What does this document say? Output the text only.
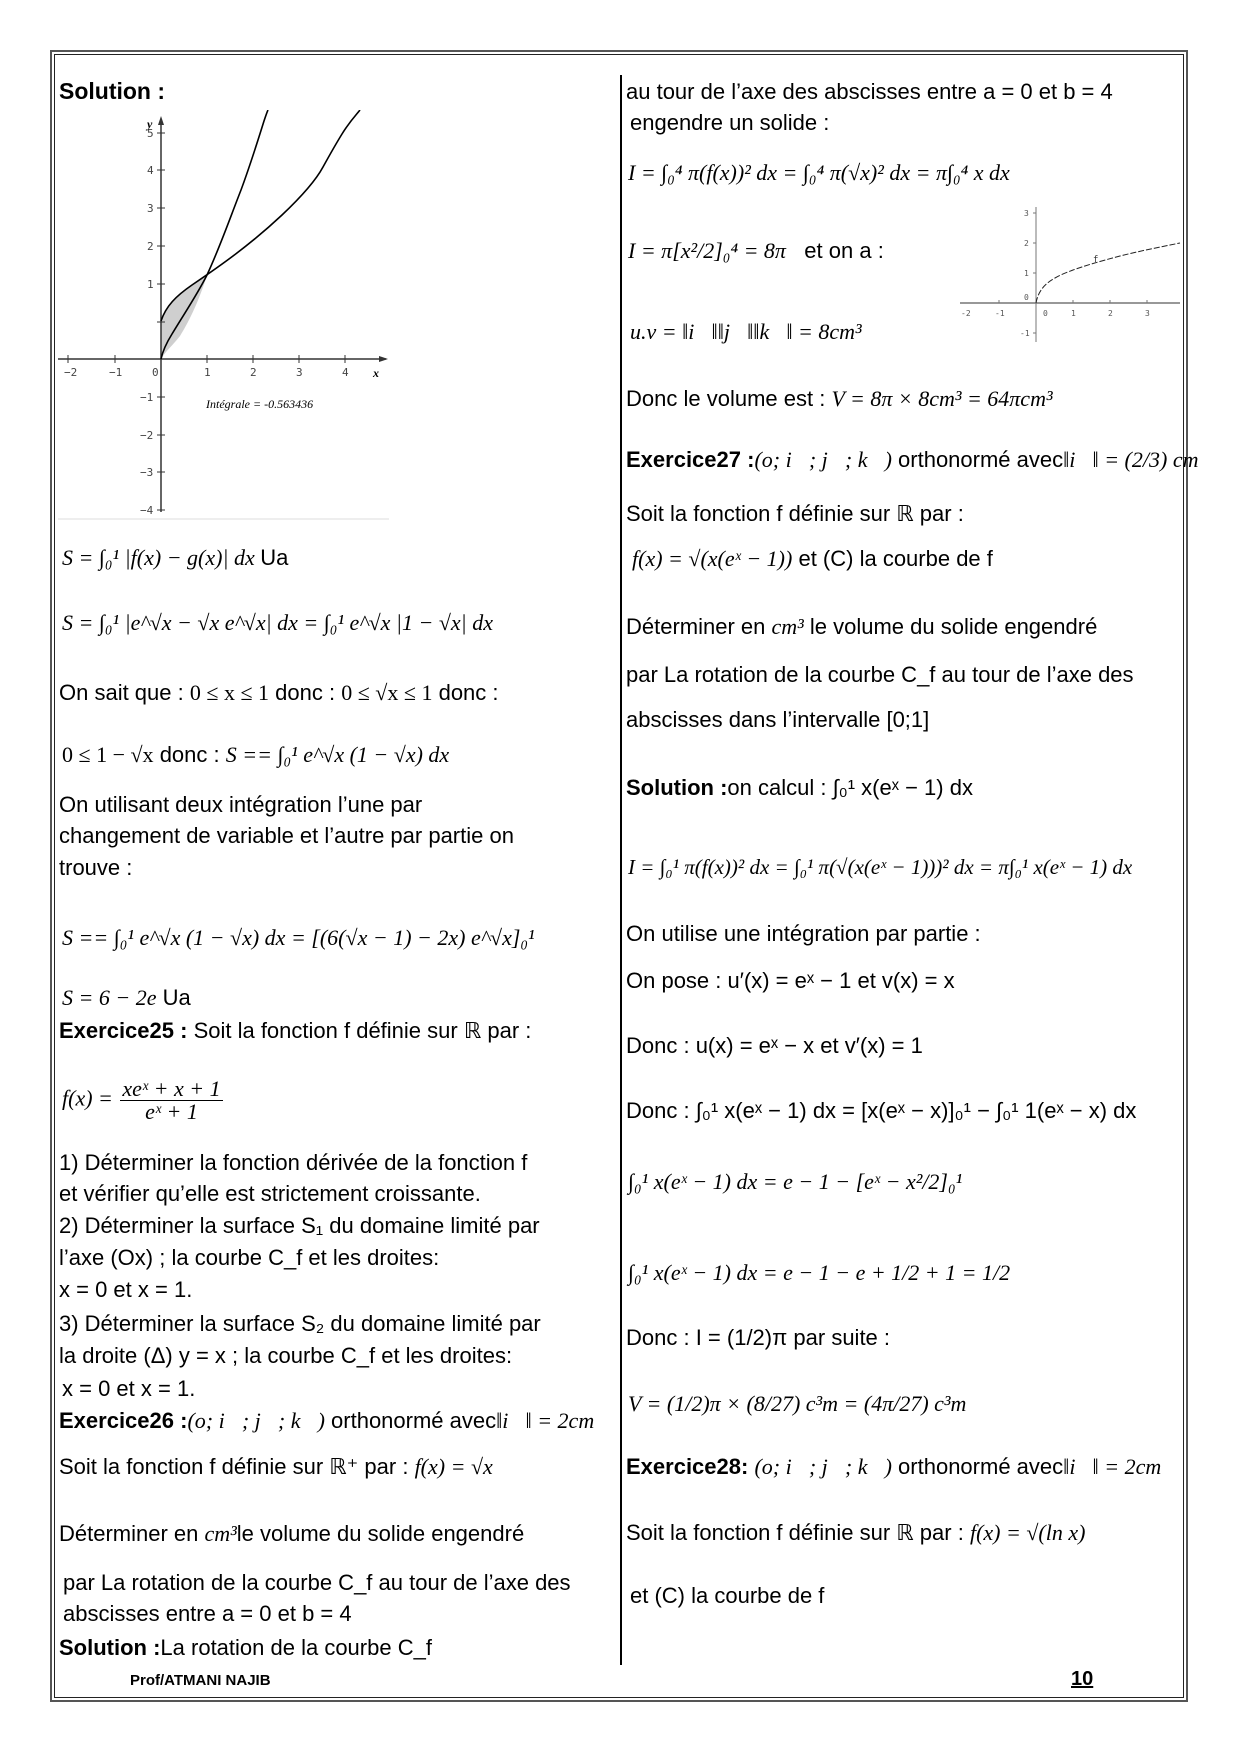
Solution :
−2	−1	0	1	2	3	4 x
5
4
3
2
1
−1
−2
−3
−4
y
Intégrale = -0.563436
S = ∫₀¹ |f(x) − g(x)| dx Ua
S = ∫₀¹ |e^√x − √x e^√x| dx = ∫₀¹ e^√x |1 − √x| dx
On sait que : 0 ≤ x ≤ 1 donc : 0 ≤ √x ≤ 1 donc :
0 ≤ 1 − √x donc : S == ∫₀¹ e^√x (1 − √x) dx
On utilisant deux intégration l’une par
changement de variable et l’autre par partie on
trouve :
S == ∫₀¹ e^√x (1 − √x) dx = [(6(√x − 1) − 2x) e^√x]₀¹
S = 6 − 2e Ua
Exercice25 : Soit la fonction f définie sur ℝ par :
$f(x) = \frac{\text{xeˣ + x + 1}}{\text{eˣ + 1}}$
1) Déterminer la fonction dérivée de la fonction f
et vérifier qu’elle est strictement croissante.
2) Déterminer la surface S₁ du domaine limité par
l’axe (Ox) ; la courbe C_f et les droites:
x = 0 et x = 1.
3) Déterminer la surface S₂ du domaine limité par
la droite (Δ) y = x ; la courbe C_f et les droites:
x = 0 et x = 1.
Exercice26 :(o; i⃗; j⃗; k⃗) orthonormé avec‖i⃗‖ = 2cm
Soit la fonction f définie sur ℝ⁺ par : f(x) = √x
Déterminer en cm³le volume du solide engendré
par La rotation de la courbe C_f au tour de l’axe des
abscisses entre a = 0 et b = 4
Solution :La rotation de la courbe C_f
au tour de l’axe des abscisses entre a = 0 et b = 4
engendre un solide :
I = ∫₀⁴ π(f(x))² dx = ∫₀⁴ π(√x)² dx = π∫₀⁴ x dx
I = π[x²/2]₀⁴ = 8π et on a :
-2	-1	0	1	2	3
3
2
1
0
-1
f
u.v = ‖i⃗‖‖j⃗‖‖k⃗‖ = 8cm³
Donc le volume est : V = 8π × 8cm³ = 64πcm³
Exercice27 :(o; i⃗; j⃗; k⃗) orthonormé avec‖i⃗‖ = (2/3) cm
Soit la fonction f définie sur ℝ par :
f(x) = √(x(eˣ − 1)) et (C) la courbe de f
Déterminer en cm³ le volume du solide engendré
par La rotation de la courbe C_f au tour de l’axe des
abscisses dans l’intervalle [0;1]
Solution :on calcul : ∫₀¹ x(eˣ − 1) dx
I = ∫₀¹ π(f(x))² dx = ∫₀¹ π(√(x(eˣ − 1)))² dx = π∫₀¹ x(eˣ − 1) dx
On utilise une intégration par partie :
On pose : u′(x) = eˣ − 1 et v(x) = x
Donc : u(x) = eˣ − x et v′(x) = 1
Donc : ∫₀¹ x(eˣ − 1) dx = [x(eˣ − x)]₀¹ − ∫₀¹ 1(eˣ − x) dx
∫₀¹ x(eˣ − 1) dx = e − 1 − [eˣ − x²/2]₀¹
∫₀¹ x(eˣ − 1) dx = e − 1 − e + 1/2 + 1 = 1/2
Donc : I = (1/2)π par suite :
V = (1/2)π × (8/27) c³m = (4π/27) c³m
Exercice28: (o; i⃗; j⃗; k⃗) orthonormé avec‖i⃗‖ = 2cm
Soit la fonction f définie sur ℝ par : f(x) = √(ln x)
et (C) la courbe de f
Prof/ATMANI NAJIB	10
